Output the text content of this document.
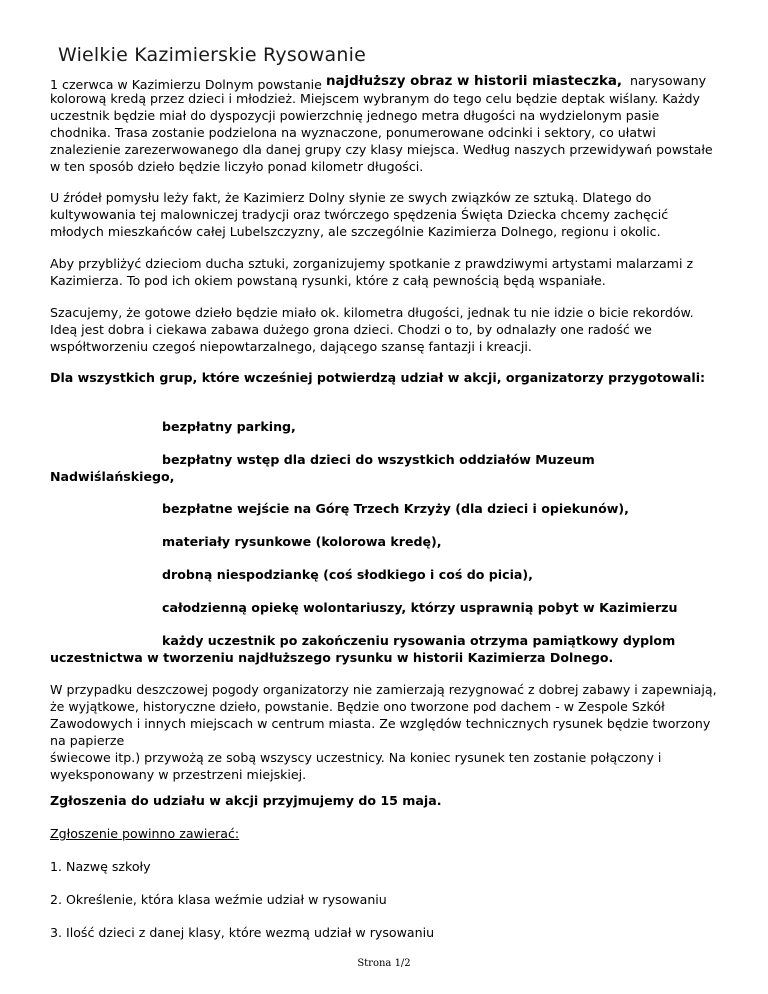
Wielkie Kazimierskie Rysowanie
1 czerwca w Kazimierzu Dolnym powstanie najdłuższy obraz w historii miasteczka, narysowany

kolorową kredą przez dzieci i młodzież. Miejscem wybranym do tego celu będzie deptak wiślany. Każdy uczestnik będzie miał do dyspozycji powierzchnię jednego metra długości na wydzielonym pasie chodnika. Trasa zostanie podzielona na wyznaczone, ponumerowane odcinki i sektory, co ułatwi znalezienie zarezerwowanego dla danej grupy czy klasy miejsca. Według naszych przewidywań powstałe w ten sposób dzieło będzie liczyło ponad kilometr długości.

U źródeł pomysłu leży fakt, że Kazimierz Dolny słynie ze swych związków ze sztuką. Dlatego do kultywowania tej malowniczej tradycji oraz twórczego spędzenia Święta Dziecka chcemy zachęcić młodych mieszkańców całej Lubelszczyzny, ale szczególnie Kazimierza Dolnego, regionu i okolic.

Aby przybliżyć dzieciom ducha sztuki, zorganizujemy spotkanie z prawdziwymi artystami malarzami z Kazimierza. To pod ich okiem powstaną rysunki, które z całą pewnością będą wspaniałe.

Szacujemy, że gotowe dzieło będzie miało ok. kilometra długości, jednak tu nie idzie o bicie rekordów. Ideą jest dobra i ciekawa zabawa dużego grona dzieci. Chodzi o to, by odnalazły one radość we współtworzeniu czegoś niepowtarzalnego, dającego szansę fantazji i kreacji.

Dla wszystkich grup, które wcześniej potwierdzą udział w akcji, organizatorzy przygotowali:

bezpłatny parking,

bezpłatny wstęp dla dzieci do wszystkich oddziałów Muzeum Nadwiślańskiego,

bezpłatne wejście na Górę Trzech Krzyży (dla dzieci i opiekunów),

materiały rysunkowe (kolorowa kredę),

drobną niespodziankę (coś słodkiego i coś do picia),

całodzienną opiekę wolontariuszy, którzy usprawnią pobyt w Kazimierzu

każdy uczestnik po zakończeniu rysowania otrzyma pamiątkowy dyplom uczestnictwa w tworzeniu najdłuższego rysunku w historii Kazimierza Dolnego.

W przypadku deszczowej pogody organizatorzy nie zamierzają rezygnować z dobrej zabawy i zapewniają, że wyjątkowe, historyczne dzieło, powstanie. Będzie ono tworzone pod dachem - w Zespole Szkół Zawodowych i innych miejscach w centrum miasta. Ze względów technicznych rysunek będzie tworzony na papierze
świecowe itp.) przywożą ze sobą wszyscy uczestnicy. Na koniec rysunek ten zostanie połączony i wyeksponowany w przestrzeni miejskiej.

Zgłoszenia do udziału w akcji przyjmujemy do 15 maja.

Zgłoszenie powinno zawierać:

1. Nazwę szkoły

2. Określenie, która klasa weźmie udział w rysowaniu

3. Ilość dzieci z danej klasy, które wezmą udział w rysowaniu

Strona 1/2
